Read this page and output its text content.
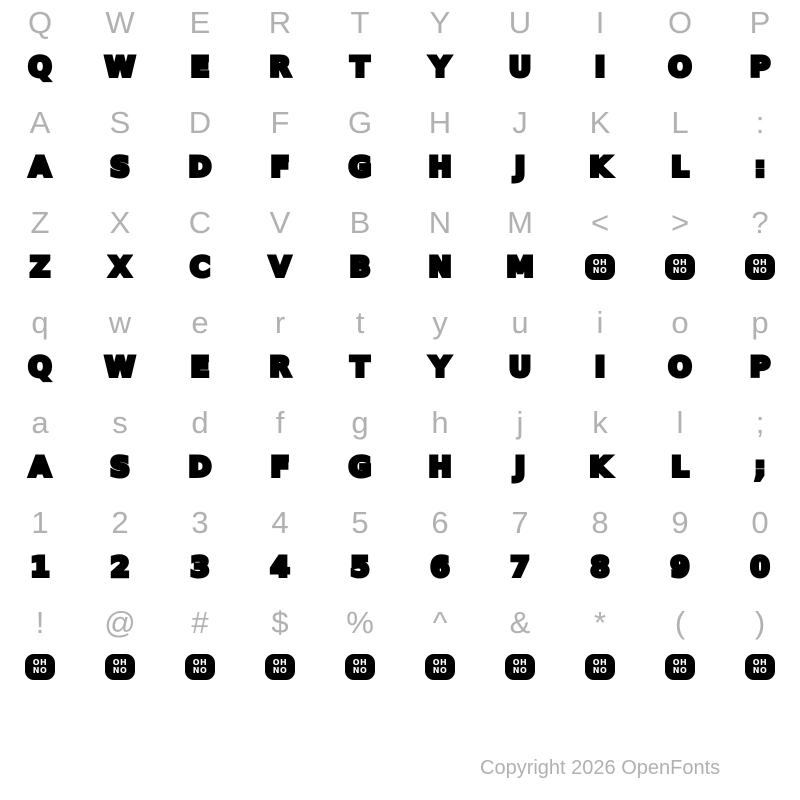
Q W E R T Y U I O P
Q W E R T Y U I O P
A S D F G H J K L :
A S D F G H J K L :
Z X C V B N M < > ?
Z X C V B N M	OH
NO
OH
NO
OH
NO
q w e r t y u i o p
Q W E R T Y U I O P
a s d f g h j k l ;
A S D F G H J K L ;
1 2 3 4 5 6 7 8 9 0
1 2 3 4 5 6 7 8 9 0
! @ # $ % ^ & * ( )
OH
NO
OH
NO
OH
NO
OH
NO
OH
NO
OH
NO
OH
NO
OH
NO
OH
NO
OH
NO
Copyright 2026 OpenFonts
